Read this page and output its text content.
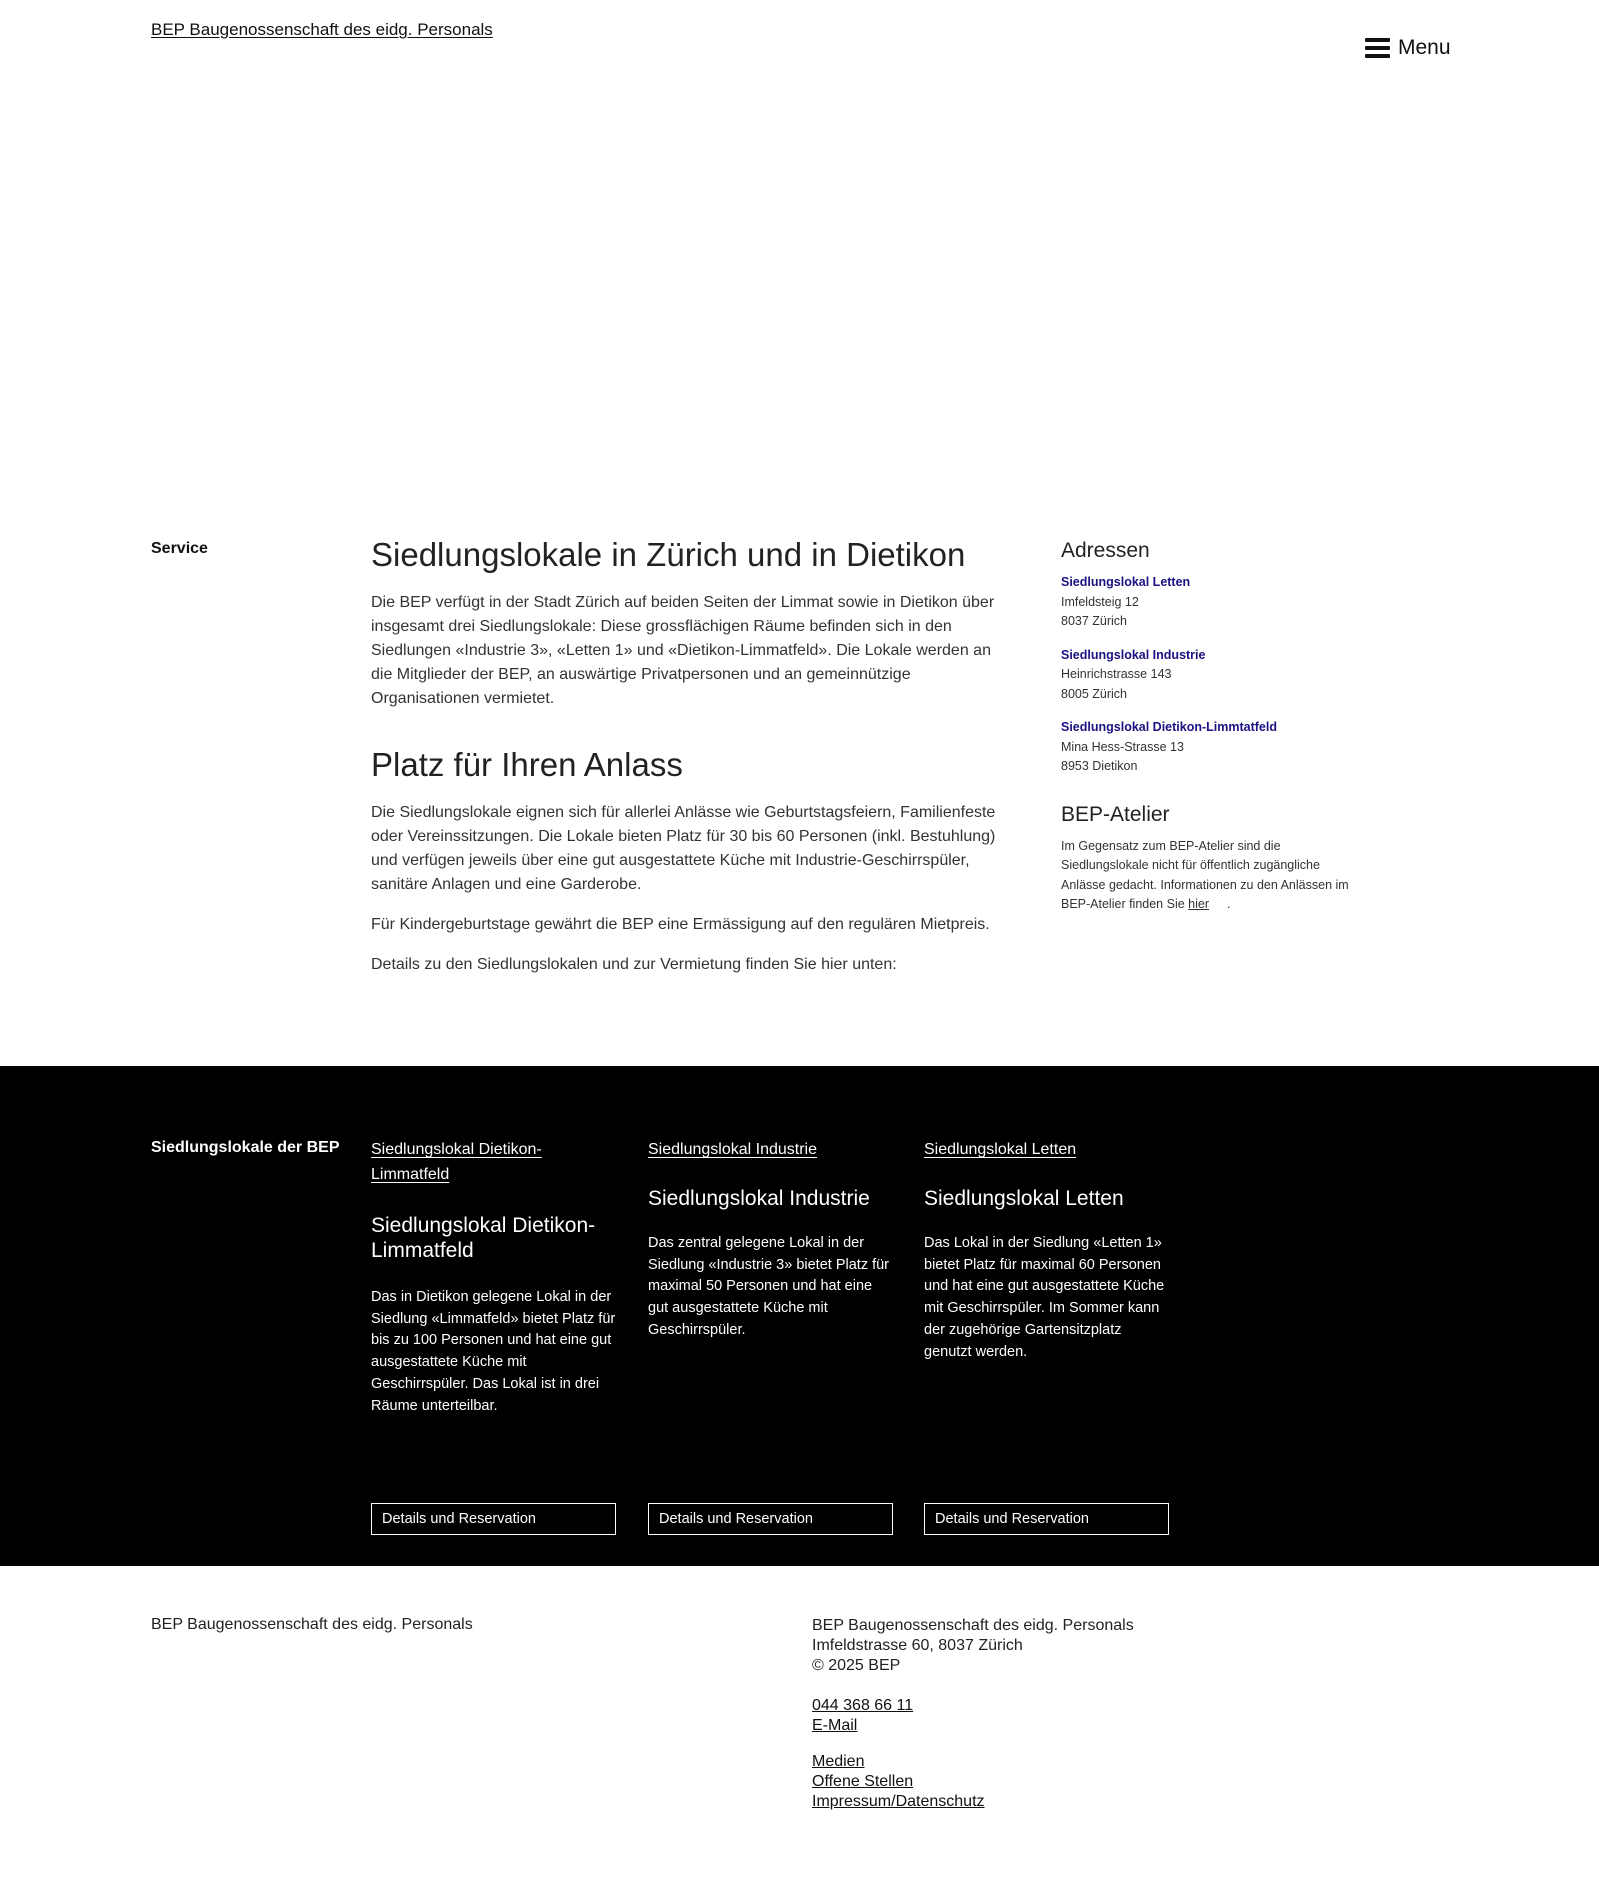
BEP Baugenossenschaft des eidg. Personals
Menu
Service	Siedlungslokale in Zürich und in Dietikon

Die BEP verfügt in der Stadt Zürich auf beiden Seiten der Limmat sowie in Dietikon über insgesamt drei Siedlungslokale: Diese grossflächigen Räume befinden sich in den Siedlungen «Industrie 3», «Letten 1» und «Dietikon-Limmatfeld». Die Lokale werden an die Mitglieder der BEP, an auswärtige Privatpersonen und an gemeinnützige Organisationen vermietet.

Platz für Ihren Anlass

Die Siedlungslokale eignen sich für allerlei Anlässe wie Geburtstagsfeiern, Familienfeste oder Vereinssitzungen. Die Lokale bieten Platz für 30 bis 60 Personen (inkl. Bestuhlung) und verfügen jeweils über eine gut ausgestattete Küche mit Industrie-Geschirrspüler, sanitäre Anlagen und eine Garderobe.

Für Kindergeburtstage gewährt die BEP eine Ermässigung auf den regulären Mietpreis.

Details zu den Siedlungslokalen und zur Vermietung finden Sie hier unten:

Adressen
Siedlungslokal Letten
Imfeldsteig 12
8037 Zürich
Siedlungslokal Industrie
Heinrichstrasse 143
8005 Zürich
Siedlungslokal Dietikon-Limmtatfeld
Mina Hess-Strasse 13
8953 Dietikon
BEP-Atelier

Im Gegensatz zum BEP-Atelier sind die Siedlungslokale nicht für öffentlich zugängliche Anlässe gedacht. Informationen zu den Anlässen im BEP-Atelier finden Sie hier .

Siedlungslokale der BEP Siedlungslokal Dietikon-Limmatfeld
Siedlungslokal Dietikon-Limmatfeld

Das in Dietikon gelegene Lokal in der Siedlung «Limmatfeld» bietet Platz für bis zu 100 Personen und hat eine gut ausgestattete Küche mit Geschirrspüler. Das Lokal ist in drei Räume unterteilbar.

Details und Reservation
Siedlungslokal Industrie
Siedlungslokal Industrie

Das zentral gelegene Lokal in der Siedlung «Industrie 3» bietet Platz für maximal 50 Personen und hat eine gut ausgestattete Küche mit Geschirrspüler.

Details und Reservation
Siedlungslokal Letten
Siedlungslokal Letten

Das Lokal in der Siedlung «Letten 1» bietet Platz für maximal 60 Personen und hat eine gut ausgestattete Küche mit Geschirrspüler. Im Sommer kann der zugehörige Gartensitzplatz genutzt werden.

Details und Reservation
BEP Baugenossenschaft des eidg. Personals	BEP Baugenossenschaft des eidg. Personals
Imfeldstrasse 60, 8037 Zürich
© 2025 BEP
044 368 66 11
E-Mail
Medien
Offene Stellen
Impressum/Datenschutz
